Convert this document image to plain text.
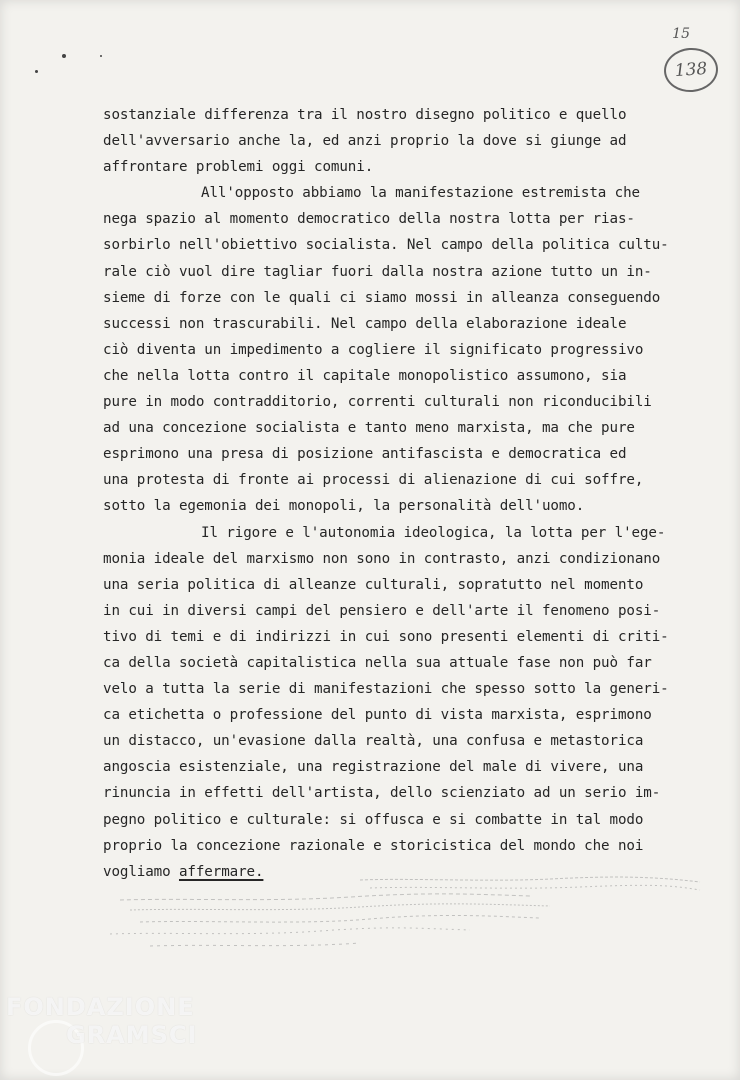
15
138
sostanziale differenza tra il nostro disegno politico e quello
dell'avversario anche la, ed anzi proprio la dove si giunge ad
affrontare problemi oggi comuni.
All'opposto abbiamo la manifestazione estremista che
nega spazio al momento democratico della nostra lotta per rias-
sorbirlo nell'obiettivo socialista. Nel campo della politica cultu-
rale ciò vuol dire tagliar fuori dalla nostra azione tutto un in-
sieme di forze con le quali ci siamo mossi in alleanza conseguendo
successi non trascurabili. Nel campo della elaborazione ideale
ciò diventa un impedimento a cogliere il significato progressivo
che nella lotta contro il capitale monopolistico assumono, sia
pure in modo contradditorio, correnti culturali non riconducibili
ad una concezione socialista e tanto meno marxista, ma che pure
esprimono una presa di posizione antifascista e democratica ed
una protesta di fronte ai processi di alienazione di cui soffre,
sotto la egemonia dei monopoli, la personalità dell'uomo.
Il rigore e l'autonomia ideologica, la lotta per l'ege-
monia ideale del marxismo non sono in contrasto, anzi condizionano
una seria politica di alleanze culturali, sopratutto nel momento
in cui in diversi campi del pensiero e dell'arte il fenomeno posi-
tivo di temi e di indirizzi in cui sono presenti elementi di criti-
ca della società capitalistica nella sua attuale fase non può far
velo a tutta la serie di manifestazioni che spesso sotto la generi-
ca etichetta o professione del punto di vista marxista, esprimono
un distacco, un'evasione dalla realtà, una confusa e metastorica
angoscia esistenziale, una registrazione del male di vivere, una
rinuncia in effetti dell'artista, dello scienziato ad un serio im-
pegno politico e culturale: si offusca e si combatte in tal modo
proprio la concezione razionale e storicistica del mondo che noi
vogliamo affermare.
FONDAZIONE
GRAMSCI
